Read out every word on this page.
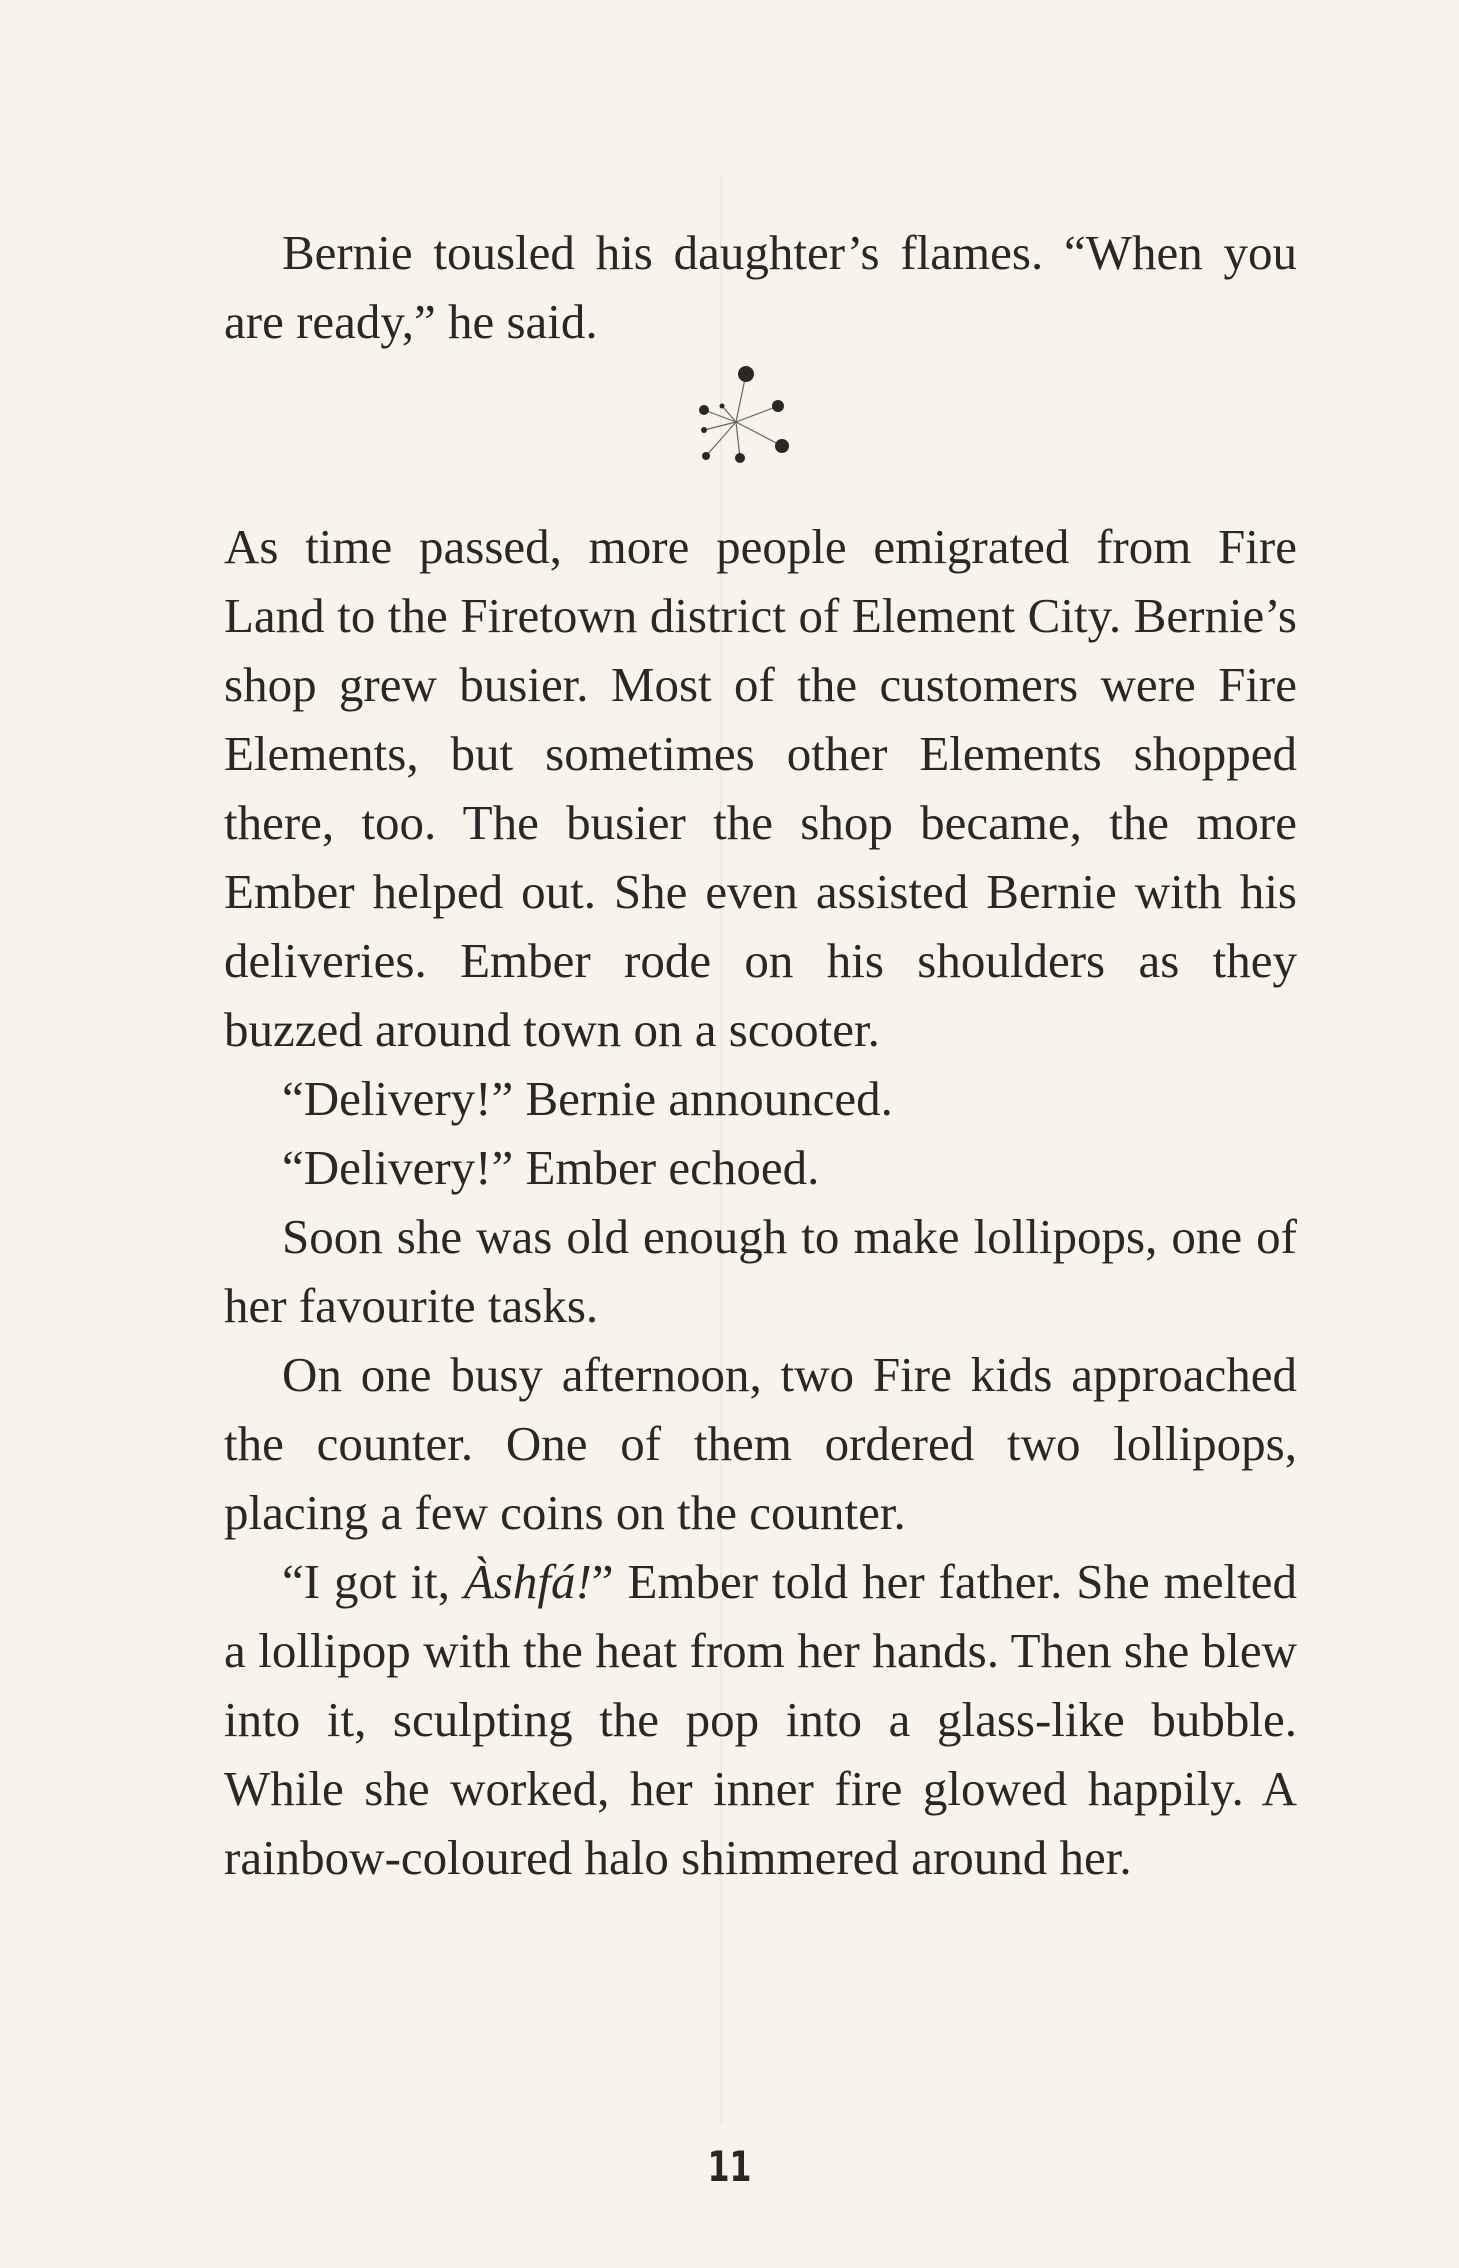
Bernie tousled his daughter’s flames. “When you are ready,” he said.

As time passed, more people emigrated from Fire Land to the Firetown district of Element City. Bernie’s shop grew busier. Most of the customers were Fire Elements, but sometimes other Elements shopped there, too. The busier the shop became, the more Ember helped out. She even assisted Bernie with his deliveries. Ember rode on his shoulders as they buzzed around town on a scooter.

“Delivery!” Bernie announced.

“Delivery!” Ember echoed.

Soon she was old enough to make lollipops, one of her favourite tasks.

On one busy afternoon, two Fire kids approached the counter. One of them ordered two lollipops, placing a few coins on the counter.

“I got it, Àshfá!” Ember told her father. She melted a lollipop with the heat from her hands. Then she blew into it, sculpting the pop into a glass-like bubble. While she worked, her inner fire glowed happily. A rainbow-coloured halo shimmered around her.

11
